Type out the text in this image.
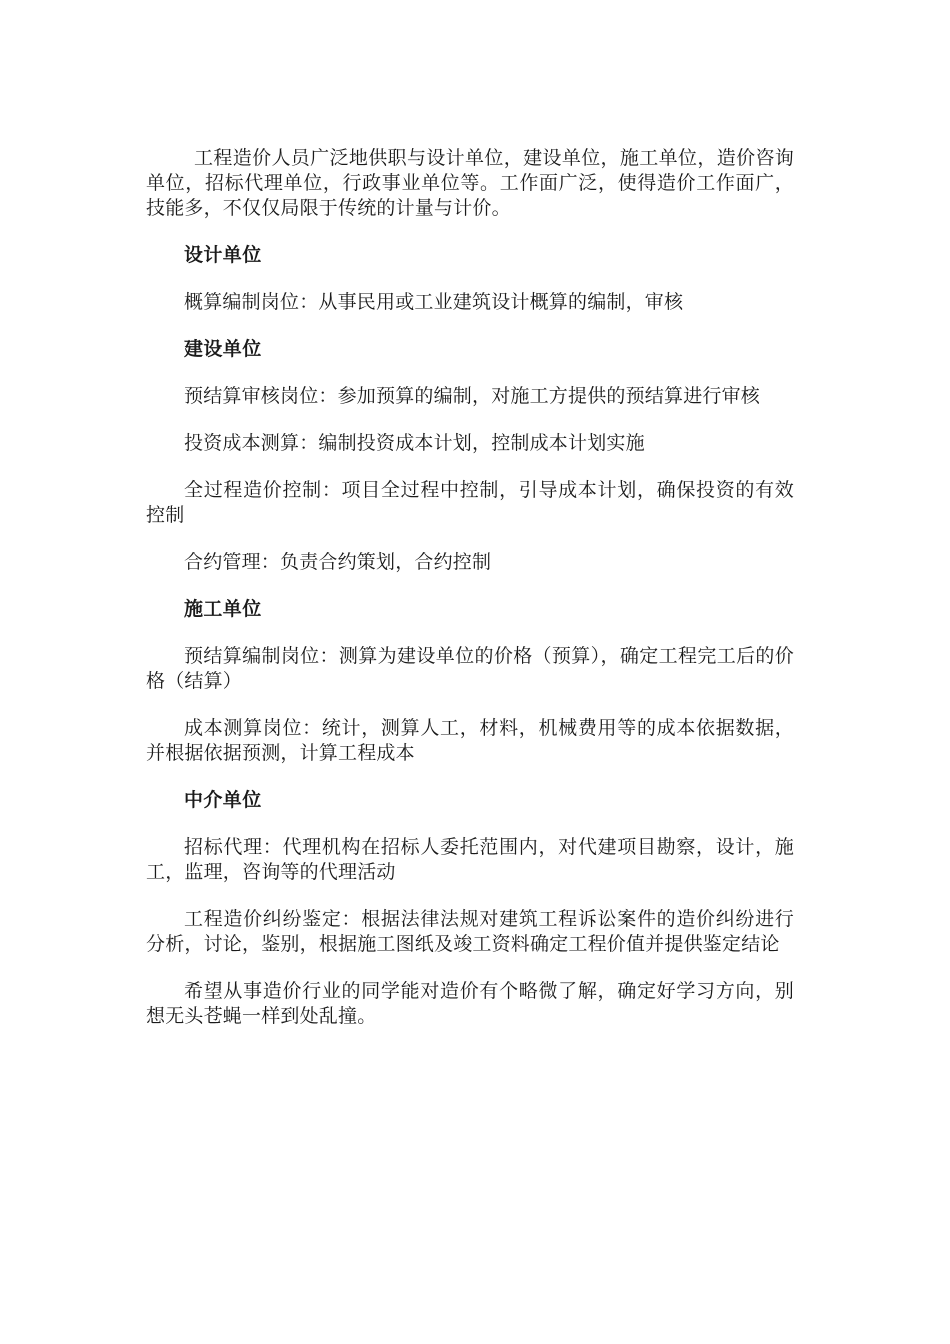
工程造价人员广泛地供职与设计单位，建设单位，施工单位，造价咨询单位，招标代理单位，行政事业单位等。工作面广泛，使得造价工作面广，技能多，不仅仅局限于传统的计量与计价。

设计单位

概算编制岗位：从事民用或工业建筑设计概算的编制，审核

建设单位

预结算审核岗位：参加预算的编制，对施工方提供的预结算进行审核

投资成本测算：编制投资成本计划，控制成本计划实施

全过程造价控制：项目全过程中控制，引导成本计划，确保投资的有效控制

合约管理：负责合约策划，合约控制

施工单位

预结算编制岗位：测算为建设单位的价格（预算），确定工程完工后的价格（结算）

成本测算岗位：统计，测算人工，材料，机械费用等的成本依据数据，并根据依据预测，计算工程成本

中介单位

招标代理：代理机构在招标人委托范围内，对代建项目勘察，设计，施工，监理，咨询等的代理活动

工程造价纠纷鉴定：根据法律法规对建筑工程诉讼案件的造价纠纷进行分析，讨论，鉴别，根据施工图纸及竣工资料确定工程价值并提供鉴定结论

希望从事造价行业的同学能对造价有个略微了解，确定好学习方向，别想无头苍蝇一样到处乱撞。
